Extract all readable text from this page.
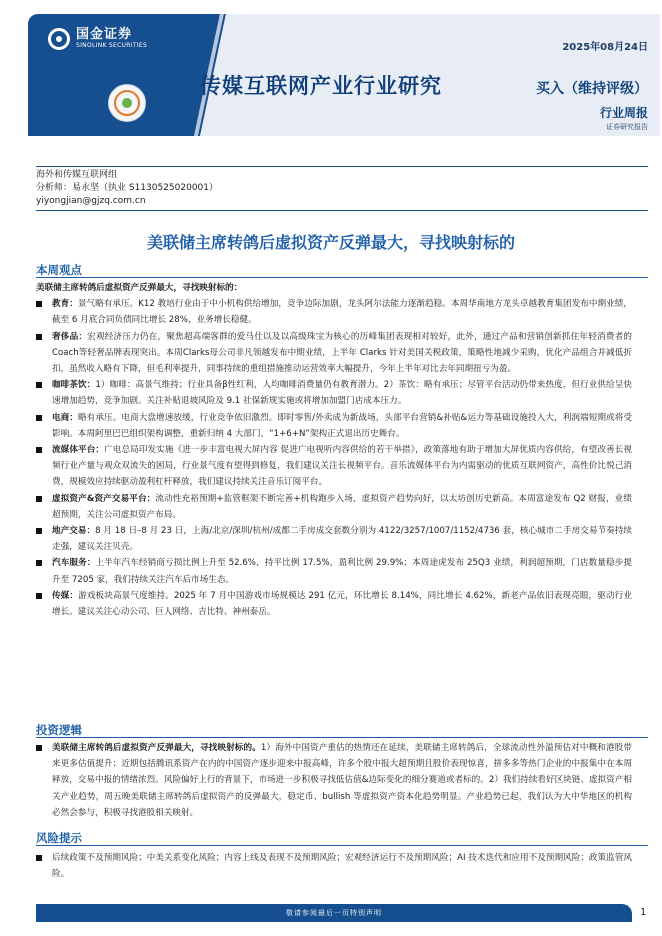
国金证券
SINOLINK SECURITIES	2025年08月24日
传媒互联网产业行业研究	买入（维持评级）
行业周报
证券研究报告
海外和传媒互联网组
分析师：易永坚（执业 S1130525020001）
yiyongjian@gjzq.com.cn
美联储主席转鸽后虚拟资产反弹最大，寻找映射标的
本周观点
美联储主席转鸽后虚拟资产反弹最大，寻找映射标的：
教育：景气略有承压。K12 教培行业由于中小机构供给增加，竞争边际加剧，龙头阿尔法能力逐渐趋稳。本周华南地方龙头卓越教育集团发布中期业绩，截至 6 月底合同负债同比增长 28%，业务增长稳健。
奢侈品：宏观经济压力仍在，聚焦超高端客群的爱马仕以及以高级珠宝为核心的历峰集团表现相对较好，此外，通过产品和营销创新抓住年轻消费者的Coach等轻奢品牌表现突出。本周Clarks母公司非凡领越发布中期业绩，上半年 Clarks 针对美国关税政策，策略性地减少采购，优化产品组合并减低折扣，虽然收入略有下降，但毛利率提升，同事持续的重组措施推动运营效率大幅提升，今年上半年对比去年同期扭亏为盈。
咖啡茶饮：1）咖啡：高景气维持；行业具备β性红利，人均咖啡消费量仍有教育潜力。2）茶饮：略有承压；尽管平台活动仍带来热度，但行业供给呈快速增加趋势，竞争加剧。关注补贴退坡风险及 9.1 社保新规实施或将增加加盟门店成本压力。
电商：略有承压。电商大盘增速放缓，行业竞争依旧激烈。即时零售/外卖成为新战场，头部平台营销&补贴&运力等基础设施投入大，利润端短期或将受影响。本周阿里巴巴组织架构调整，重新归纳 4 大部门，“1+6+N”架构正式退出历史舞台。
流媒体平台：广电总局印发实施《进一步丰富电视大屏内容 促进广电视听内容供给的若干举措》，政策落地有助于增加大屏优质内容供给，有望改善长视频行业产量与观众双流失的困局，行业景气度有望得到修复，我们建议关注长视频平台。音乐流媒体平台为内需驱动的优质互联网资产，高性价比悦己消费，规模效应持续驱动盈利杠杆释放，我们建议持续关注音乐订阅平台。
虚拟资产&资产交易平台：流动性充裕预期+监管框架不断完善+机构跑步入场，虚拟资产趋势向好，以太坊创历史新高。本周富途发布 Q2 财报，业绩超预期，关注公司虚拟资产布局。
地产交易：8 月 18 日–8 月 23 日，上海/北京/深圳/杭州/成都二手房成交套数分别为 4122/3257/1007/1152/4736 套，核心城市二手房交易节奏持续走强，建议关注贝壳。
汽车服务：上半年汽车经销商亏损比例上升至 52.6%，持平比例 17.5%，盈利比例 29.9%；本周途虎发布 25Q3 业绩，利润超预期，门店数量稳步提升至 7205 家，我们持续关注汽车后市场生态。
传媒：游戏板块高景气度维持。2025 年 7 月中国游戏市场规模达 291 亿元，环比增长 8.14%，同比增长 4.62%，新老产品依旧表现亮眼，驱动行业增长。建议关注心动公司、巨人网络、吉比特、神州泰岳。
投资逻辑
美联储主席转鸽后虚拟资产反弹最大，寻找映射标的。1）海外中国资产重估的热情还在延续，美联储主席转鸽后，全球流动性外溢预估对中概和港股带来更多估值提升；近期包括腾讯系资产在内的中国资产逐步迎来中报高峰，许多个股中报大超预期且股价表现惊喜，拼多多等热门企业的中报集中在本周释放，交易中报的情绪浓烈。风险偏好上行的背景下，市场进一步积极寻找低估值&边际变化的细分赛道或者标的。2）我们持续看好区块链、虚拟资产相关产业趋势，周五晚美联储主席转鸽后虚拟资产的反弹最大，稳定币、bullish 等虚拟资产资本化趋势明显。产业趋势已起，我们认为大中华地区的机构必然会参与，积极寻找港股相关映射。
风险提示
后续政策不及预期风险；中美关系变化风险；内容上线及表现不及预期风险；宏观经济运行不及预期风险；AI 技术迭代和应用不及预期风险；政策监管风险。
敬请参阅最后一页特别声明	1
